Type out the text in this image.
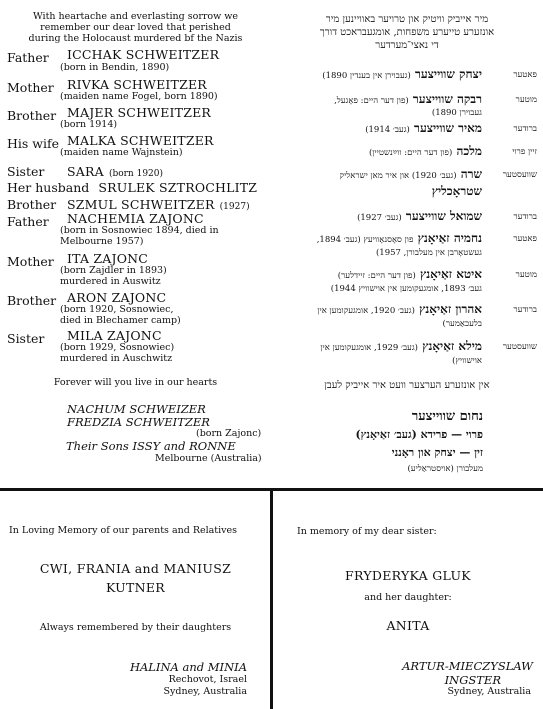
With heartache and everlasting sorrow we
remember our dear loved that perished
during the Holocaust murdered bf the Nazis
Father ICCHAK SCHWEITZER
(born in Bendin, 1890)
Mother RIVKA SCHWEITZER
(maiden name Fogel, born 1890)
Brother MAJER SCHWEITZER
(born 1914)
His wife MALKA SCHWEITZER
(maiden name Wajnstein)
Sister SARA (born 1920)
Her husband SRULEK SZTROCHLITZ
Brother SZMUL SCHWEITZER (1927)
Father NACHEMIA ZAJONC
(born in Sosnowiec 1894, died in
Melbourne 1957)
Mother ITA ZAJONC
(born Zajdler in 1893)
murdered in Auswitz
Brother ARON ZAJONC
(born 1920, Sosnowiec,
died in Blechamer camp)
Sister MILA ZAJONC
(born 1929, Sosnowiec)
murdered in Auschwitz
Forever will you live in our hearts
NACHUM SCHWEIZER
FREDZIA SCHWEITZER
(born Zajonc)
Their Sons ISSY and RONNE
Melbourne (Australia)
מיר אייביק וויטיק און טרויער באוויינען מיר
אונזערע טייערע משפחות, אומגעבראכט דורך
די נאצי־מערדער
פאטער
יצחק שווייצער (געבוירן אין בענדין 1890)
מוטער
רבקה שווייצער (פון דער היים: פאָגעל,
געבוירן 1890)
ברודער
מאיר שווייצער (געב׳ 1914)
זיין פרוי
מלכה (פון דער היים: ווײַנשטיין)
שוועסטער
שרה (געב׳ 1920) און איר מאן ישראליק
שטראָכליץ
ברודער
שמואל שווייצער (געב׳ 1927)
פאטער
נחמיה זאַיאָנץ פון סאָסנאָוויעץ (געב׳ 1894,
געשטאָרבן אין מעלבורן, 1957)
מוטער
איטא זאַיאָנץ (פון דער היים: זיידלער)
געב׳ 1893, אומגעקומען אין אוישוויץ 1944)
ברודער
אהרון זאַיאָנץ (געב׳ 1920, אומגעקומען אין
בלעכאַמער)
שוועסטער
מילא זאַיאָנץ (געב׳ 1929, אומגעקומען אין
אוישוויץ)
אין אונזערע הערצער וועט איר אייביק לעבן
נחום שווייצער
פרוי — פרידא (געב׳ זאַיאָנץ)
זין — יצחק און ראָנני
מעלבורן (אויסטראַליע)
In Loving Memory of our parents and Relatives
CWI, FRANIA and MANIUSZ
KUTNER
Always remembered by their daughters
HALINA and MINIA
Rechovot, Israel
Sydney, Australia
In memory of my dear sister:
FRYDERYKA GLUK
and her daughter:
ANITA
ARTUR-MIECZYSLAW
INGSTER
Sydney, Australia
